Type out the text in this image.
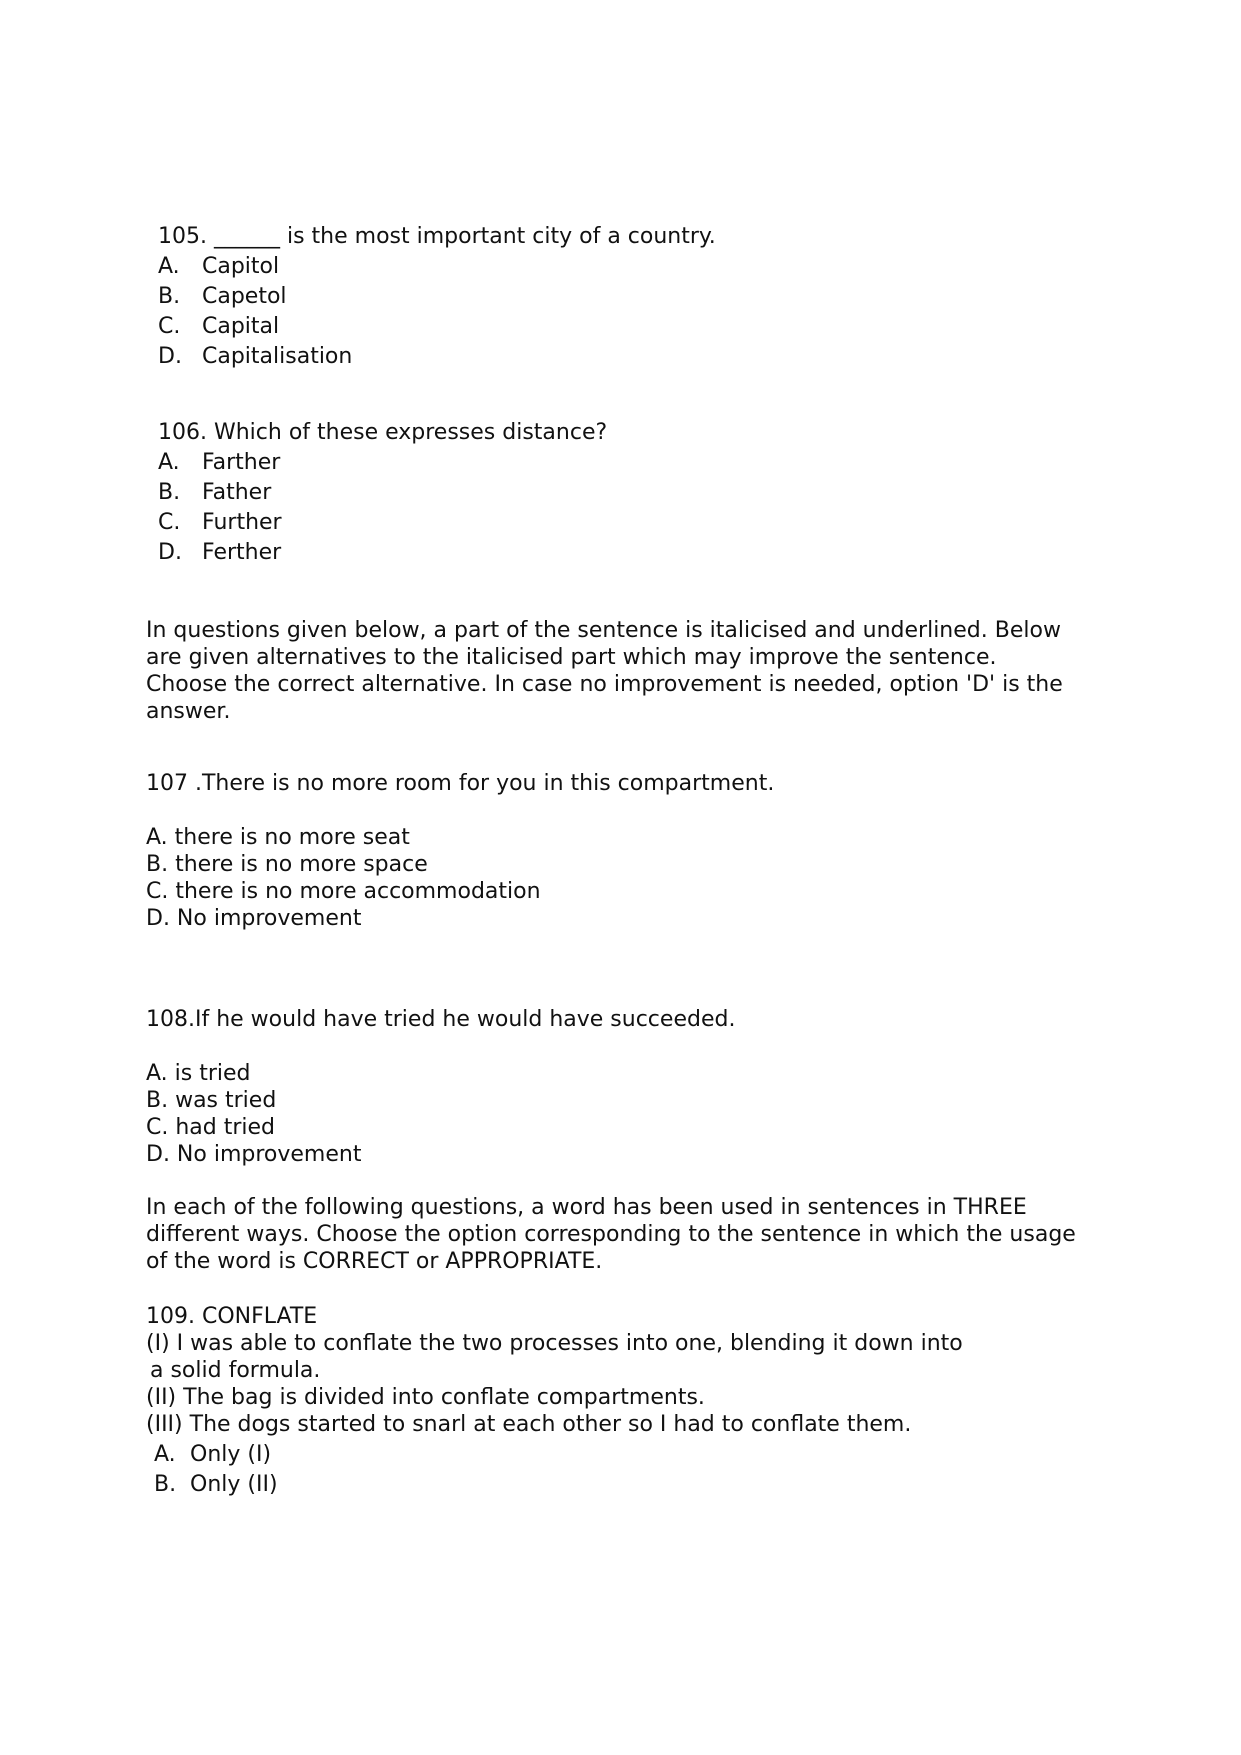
105. ______ is the most important city of a country.

A.	Capitol
B. Capetol
C. Capital
D. Capitalisation

106. Which of these expresses distance?

A.	Farther
B. Father
C. Further
D. Ferther
In questions given below, a part of the sentence is italicised and underlined. Below
are given alternatives to the italicised part which may improve the sentence.
Choose the correct alternative. In case no improvement is needed, option 'D' is the
answer.

107 .There is no more room for you in this compartment.

A. there is no more seat
B. there is no more space
C. there is no more accommodation
D. No improvement

108.If he would have tried he would have succeeded.

A. is tried
B. was tried
C. had tried
D. No improvement
In each of the following questions, a word has been used in sentences in THREE
different ways. Choose the option corresponding to the sentence in which the usage
of the word is CORRECT or APPROPRIATE.

109. CONFLATE

(I) I was able to conflate the two processes into one, blending it down into
a solid formula.
(II) The bag is divided into conflate compartments.
(III) The dogs started to snarl at each other so I had to conflate them.
A. Only (I)
B. Only (II)
